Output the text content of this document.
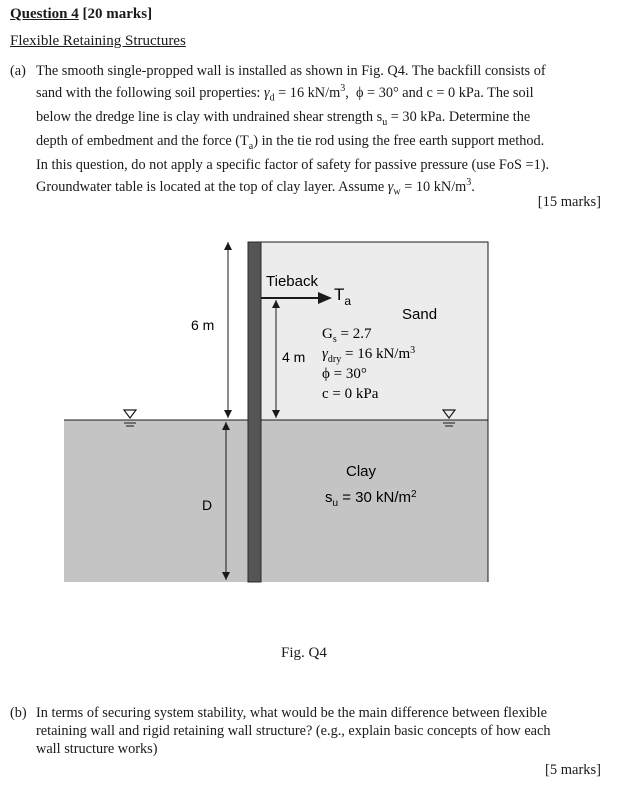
Question 4 [20 marks]
Flexible Retaining Structures
(a) The smooth single-propped wall is installed as shown in Fig. Q4. The backfill consists of
sand with the following soil properties: $\gamma_d = 16$ $kN/m^3$,  ϕ = 30° and c = 0 kPa. The soil
below the dredge line is clay with undrained shear strength $s_u = 30$ kPa. Determine the
depth of embedment and the force $(T_a)$ in the tie rod using the free earth support method.
In this question, do not apply a specific factor of safety for passive pressure (use FoS =1).
Groundwater table is located at the top of clay layer. Assume $\gamma_w = 10$ $kN/m^3$.
[15 marks]
Tieback
$T_a$
6 m
4 m
D
Sand
$G_s = 2.7$
$\gamma_{dry} = 16$ $kN/m^3$
ϕ = 30°
c = 0 kPa
Clay
$s_u = 30$ $kN/m^2$
Fig. Q4
(b) In terms of securing system stability, what would be the main difference between flexible
retaining wall and rigid retaining wall structure? (e.g., explain basic concepts of how each
wall structure works)
[5 marks]
